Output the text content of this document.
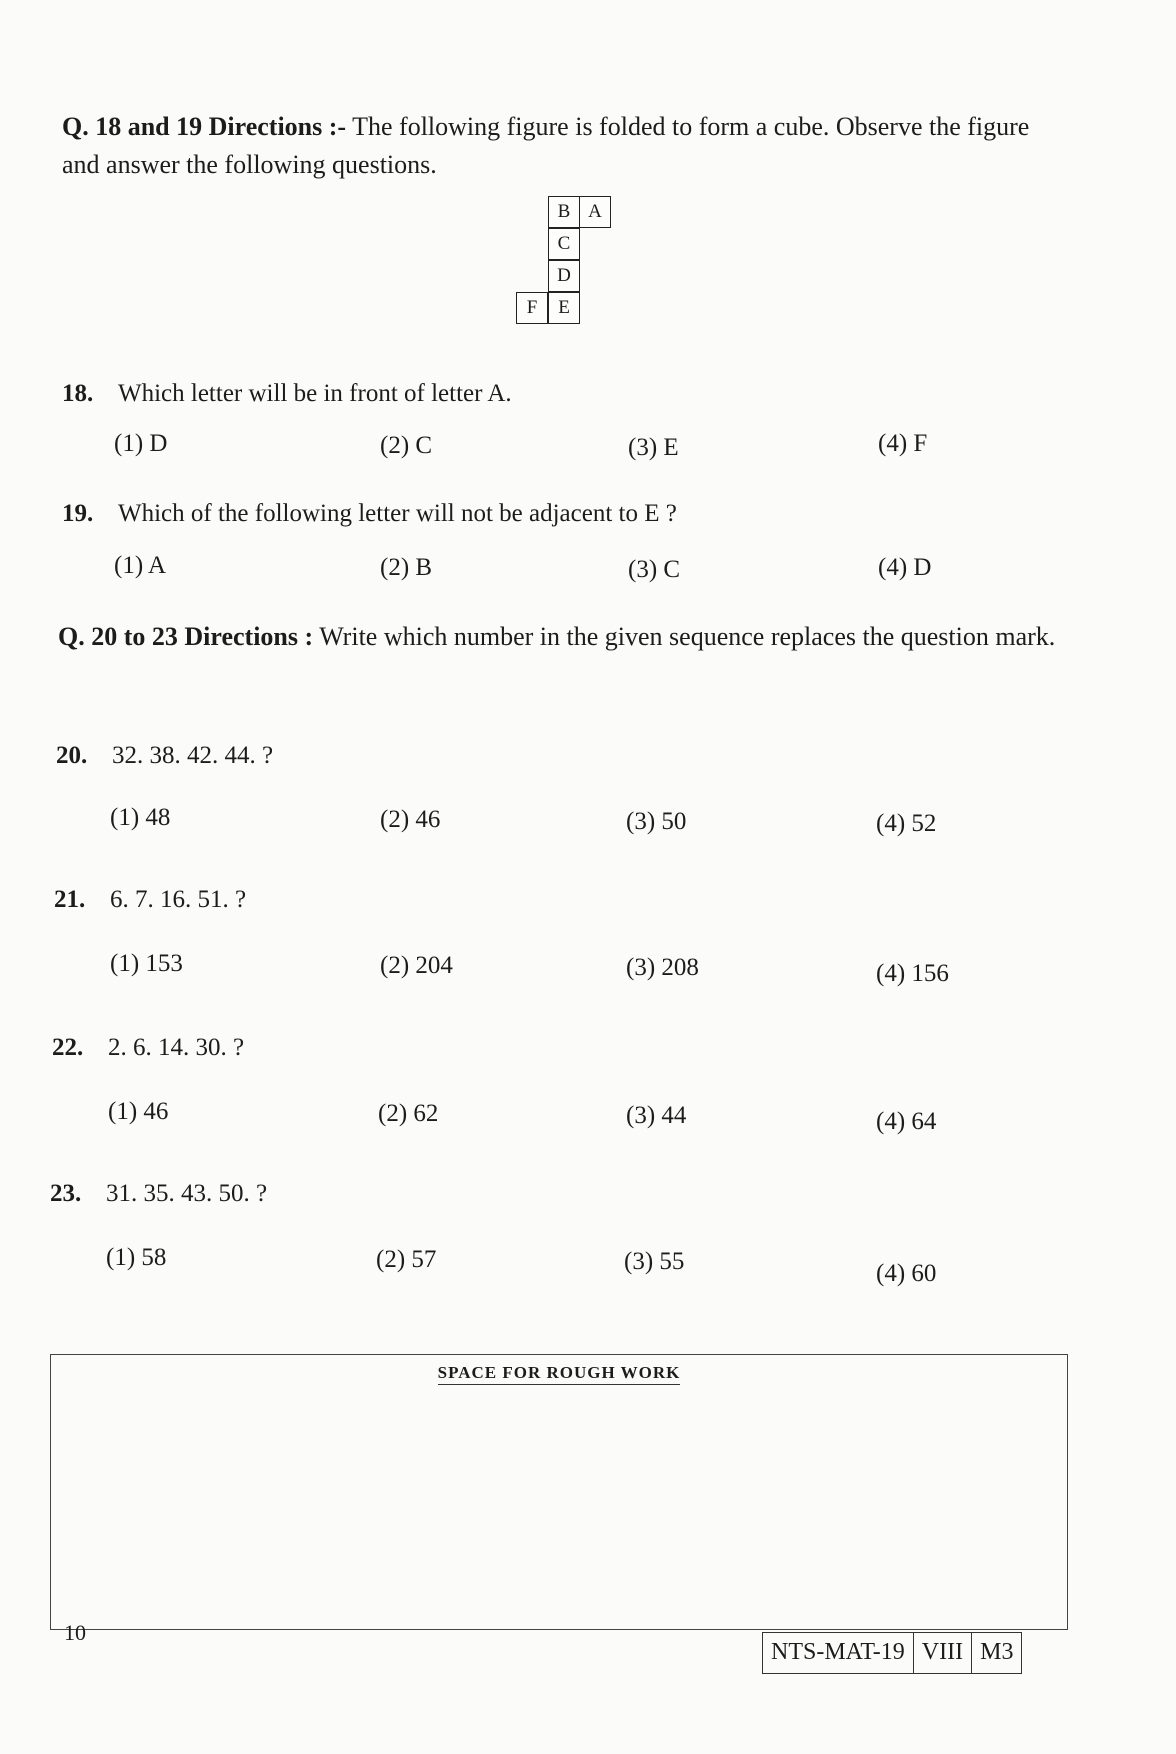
Q. 18 and 19 Directions :- The following figure is folded to form a cube. Observe the figure and answer the following questions.
B A
C
D
F	E
18. Which letter will be in front of letter A.
(1) D	(2) C	(3) E	(4) F
19. Which of the following letter will not be adjacent to E ?
(1) A	(2) B	(3) C	(4) D
Q. 20 to 23 Directions : Write which number in the given sequence replaces the question mark.
20. 32. 38. 42. 44. ?
(1) 48	(2) 46	(3) 50	(4) 52
21. 6. 7. 16. 51. ?
(1) 153	(2) 204	(3) 208	(4) 156
22. 2. 6. 14. 30. ?
(1) 46	(2) 62	(3) 44	(4) 64
23. 31. 35. 43. 50. ?
(1) 58	(2) 57	(3) 55	(4) 60
SPACE FOR ROUGH WORK
10
NTS-MAT-19 VIII M3
